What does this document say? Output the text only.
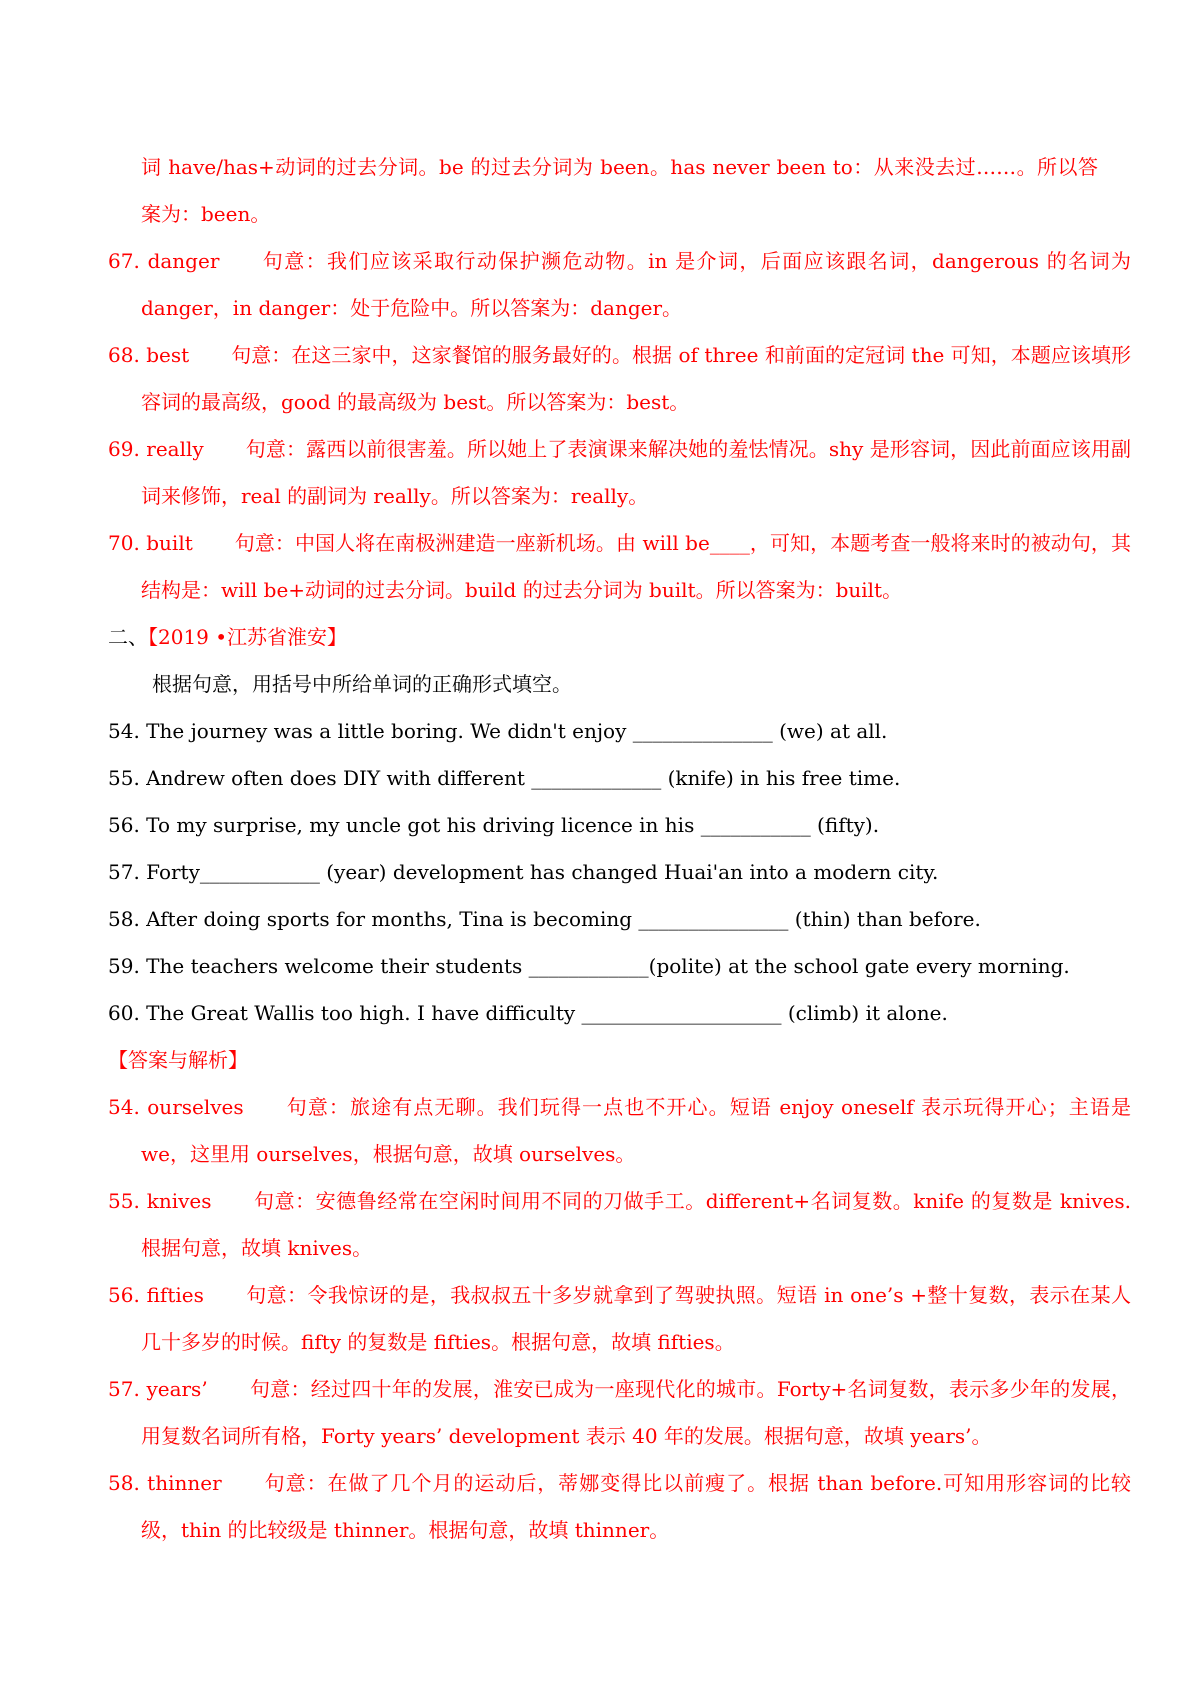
词 have/has+动词的过去分词。be 的过去分词为 been。has never been to：从来没去过……。所以答案为：been。
67. danger 句意：我们应该采取行动保护濒危动物。in 是介词，后面应该跟名词，dangerous 的名词为 danger，in danger：处于危险中。所以答案为：danger。
68. best 句意：在这三家中，这家餐馆的服务最好的。根据 of three 和前面的定冠词 the 可知，本题应该填形容词的最高级，good 的最高级为 best。所以答案为：best。
69. really 句意：露西以前很害羞。所以她上了表演课来解决她的羞怯情况。shy 是形容词，因此前面应该用副词来修饰，real 的副词为 really。所以答案为：really。
70. built 句意：中国人将在南极洲建造一座新机场。由 will be____，可知，本题考查一般将来时的被动句，其结构是：will be+动词的过去分词。build 的过去分词为 built。所以答案为：built。
二、【2019 •江苏省淮安】
根据句意，用括号中所给单词的正确形式填空。
54. The journey was a little boring. We didn't enjoy ______________ (we) at all.
55. Andrew often does DIY with different _____________ (knife) in his free time.
56. To my surprise, my uncle got his driving licence in his ___________ (fifty).
57. Forty____________ (year) development has changed Huai'an into a modern city.
58. After doing sports for months, Tina is becoming _______________ (thin) than before.
59. The teachers welcome their students ____________(polite) at the school gate every morning.
60. The Great Wallis too high. I have difficulty ____________________ (climb) it alone.
【答案与解析】
54. ourselves 句意：旅途有点无聊。我们玩得一点也不开心。短语 enjoy oneself 表示玩得开心；主语是 we，这里用 ourselves，根据句意，故填 ourselves。
55. knives 句意：安德鲁经常在空闲时间用不同的刀做手工。different+名词复数。knife 的复数是 knives. 根据句意，故填 knives。
56. fifties 句意：令我惊讶的是，我叔叔五十多岁就拿到了驾驶执照。短语 in one’s +整十复数，表示在某人几十多岁的时候。fifty 的复数是 fifties。根据句意，故填 fifties。
57. years’ 句意：经过四十年的发展，淮安已成为一座现代化的城市。Forty+名词复数，表示多少年的发展，用复数名词所有格，Forty years’ development 表示 40 年的发展。根据句意，故填 years’。
58. thinner 句意：在做了几个月的运动后，蒂娜变得比以前瘦了。根据 than before.可知用形容词的比较级，thin 的比较级是 thinner。根据句意，故填 thinner。
